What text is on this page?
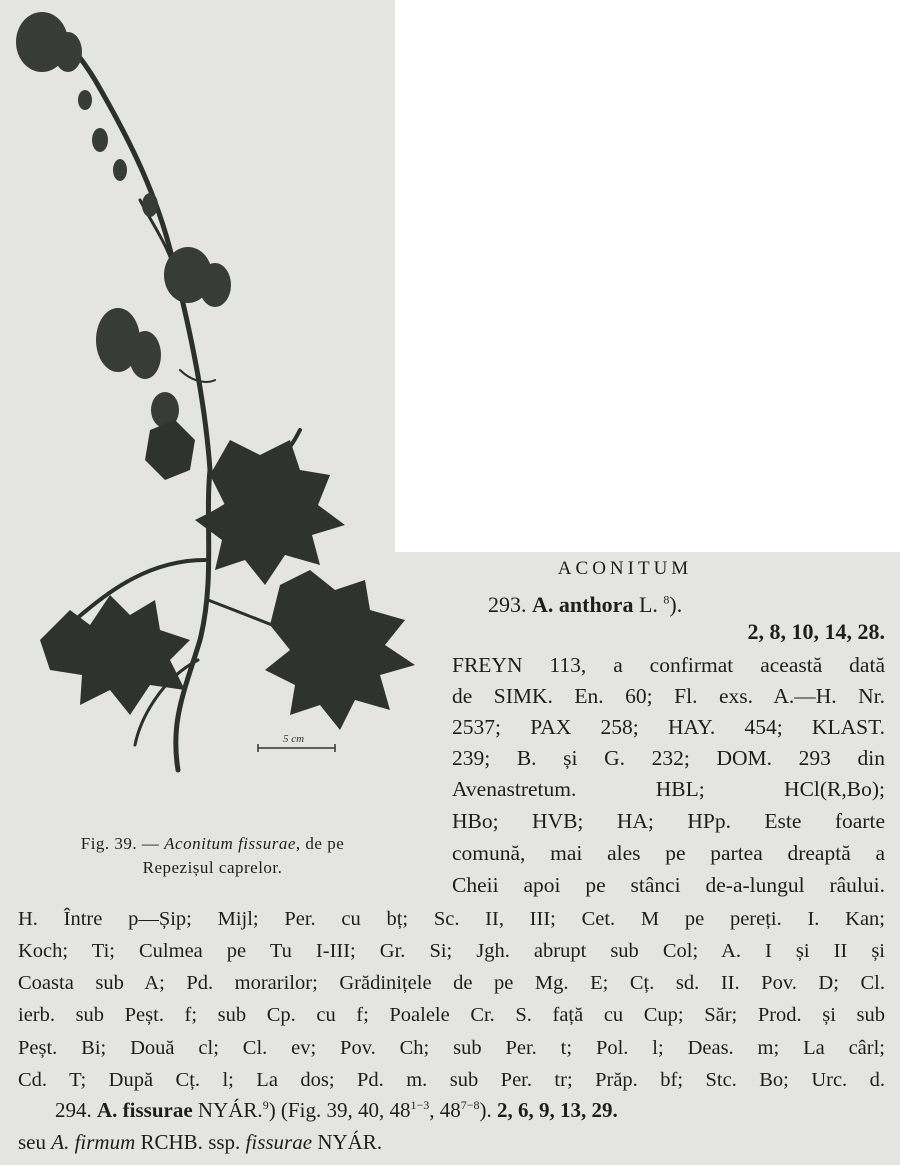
5 cm
Fig. 39. — Aconitum fissurae, de pe
Repezișul caprelor.
ACONITUM
293. A. anthora L. $^8$).
2, 8, 10, 14, 28.
FREYN 113, a confirmat această dată
de SIMK. En. 60; Fl. exs. A.—H. Nr.
2537; PAX 258; HAY. 454; KLAST.
239; B. și G. 232; DOM. 293 din
Avenastretum. HBL; HCl(R,Bo);
HBo; HVB; HA; HPp. Este foarte
comună, mai ales pe partea dreaptă a
Cheii apoi pe stânci de-a-lungul râului.
H. Între p—Șip; Mijl; Per. cu bț; Sc. II, III; Cet. M pe pereți. I. Kan;
Koch; Ti; Culmea pe Tu I-III; Gr. Si; Jgh. abrupt sub Col; A. I și II și
Coasta sub A; Pd. morarilor; Grădinițele de pe Mg. E; Cț. sd. II. Pov. D; Cl.
ierb. sub Peșt. f; sub Cp. cu f; Poalele Cr. S. față cu Cup; Săr; Prod. și sub
Peșt. Bi; Două cl; Cl. ev; Pov. Ch; sub Per. t; Pol. l; Deas. m; La cârl;
Cd. T; După Cț. l; La dos; Pd. m. sub Per. tr; Prăp. bf; Stc. Bo; Urc. d.
294. A. fissurae NYÁR.$^9$) (Fig. 39, 40, $48^{1-3}$, $48^{7-8}$). 2, 6, 9, 13, 29.
seu A. firmum RCHB. ssp. fissurae NYÁR.
